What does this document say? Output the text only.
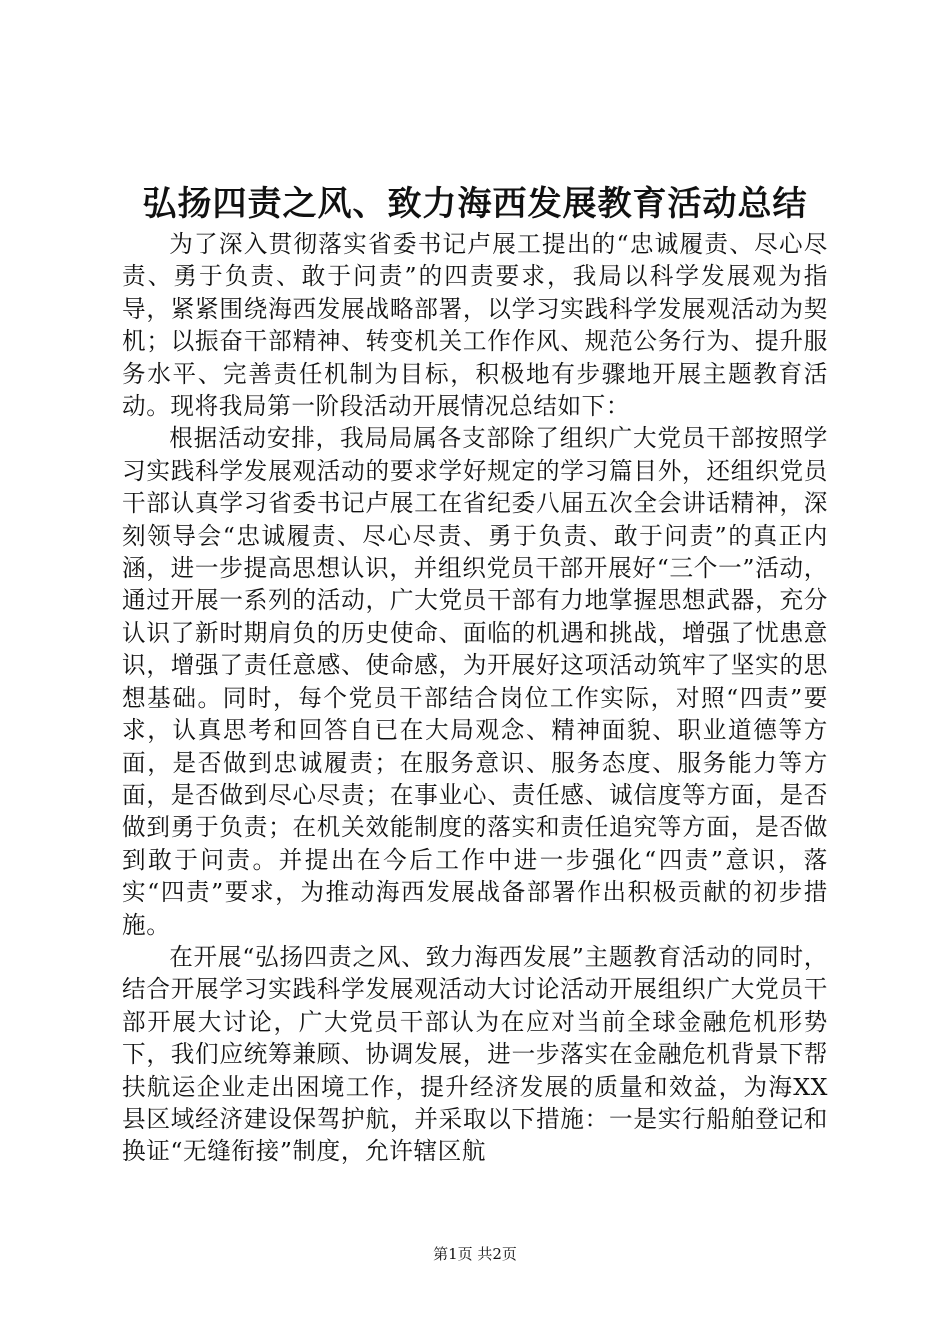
弘扬四责之风、致力海西发展教育活动总结

为了深入贯彻落实省委书记卢展工提出的“忠诚履责、尽心尽责、勇于负责、敢于问责”的四责要求，我局以科学发展观为指导，紧紧围绕海西发展战略部署，以学习实践科学发展观活动为契机；以振奋干部精神、转变机关工作作风、规范公务行为、提升服务水平、完善责任机制为目标，积极地有步骤地开展主题教育活动。现将我局第一阶段活动开展情况总结如下：

根据活动安排，我局局属各支部除了组织广大党员干部按照学习实践科学发展观活动的要求学好规定的学习篇目外，还组织党员干部认真学习省委书记卢展工在省纪委八届五次全会讲话精神，深刻领导会“忠诚履责、尽心尽责、勇于负责、敢于问责”的真正内涵，进一步提高思想认识，并组织党员干部开展好“三个一”活动，通过开展一系列的活动，广大党员干部有力地掌握思想武器，充分认识了新时期肩负的历史使命、面临的机遇和挑战，增强了忧患意识，增强了责任意感、使命感，为开展好这项活动筑牢了坚实的思想基础。同时，每个党员干部结合岗位工作实际，对照“四责”要求，认真思考和回答自已在大局观念、精神面貌、职业道德等方面，是否做到忠诚履责；在服务意识、服务态度、服务能力等方面，是否做到尽心尽责；在事业心、责任感、诚信度等方面，是否做到勇于负责；在机关效能制度的落实和责任追究等方面，是否做到敢于问责。并提出在今后工作中进一步强化“四责”意识，落实“四责”要求，为推动海西发展战备部署作出积极贡献的初步措施。

在开展“弘扬四责之风、致力海西发展”主题教育活动的同时，结合开展学习实践科学发展观活动大讨论活动开展组织广大党员干部开展大讨论，广大党员干部认为在应对当前全球金融危机形势下，我们应统筹兼顾、协调发展，进一步落实在金融危机背景下帮扶航运企业走出困境工作，提升经济发展的质量和效益，为海XX县区域经济建设保驾护航，并采取以下措施：一是实行船舶登记和换证“无缝衔接”制度，允许辖区航

第1页 共2页
